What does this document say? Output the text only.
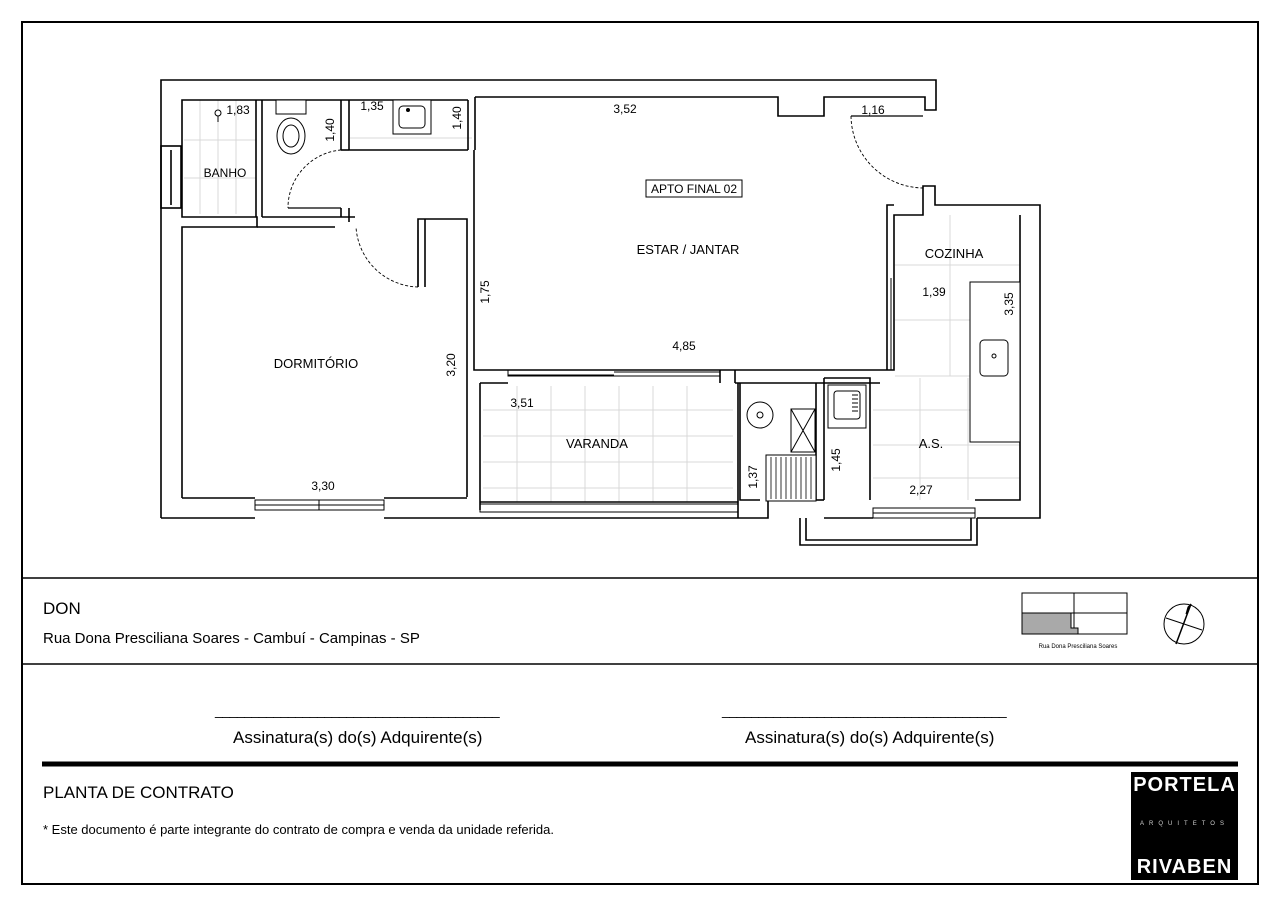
APTO FINAL 02
BANHO
DORMITÓRIO
ESTAR / JANTAR	COZINHA
VARANDA	A.S.
1,83	1,35	3,52	1,16
4,85
3,30
1,39
3,51
2,27
1,40
1,40
1,75
3,20
3,35
1,37
1,45
Rua Dona Presciliana Soares
DON
Rua Dona Presciliana Soares - Cambuí - Campinas - SP
_______________________________________
Assinatura(s) do(s) Adquirente(s)
_______________________________________
Assinatura(s) do(s) Adquirente(s)
PLANTA DE CONTRATO
* Este documento é parte integrante do contrato de compra e venda da unidade referida.
PORTELA
ARQUITETOS
RIVABEN
